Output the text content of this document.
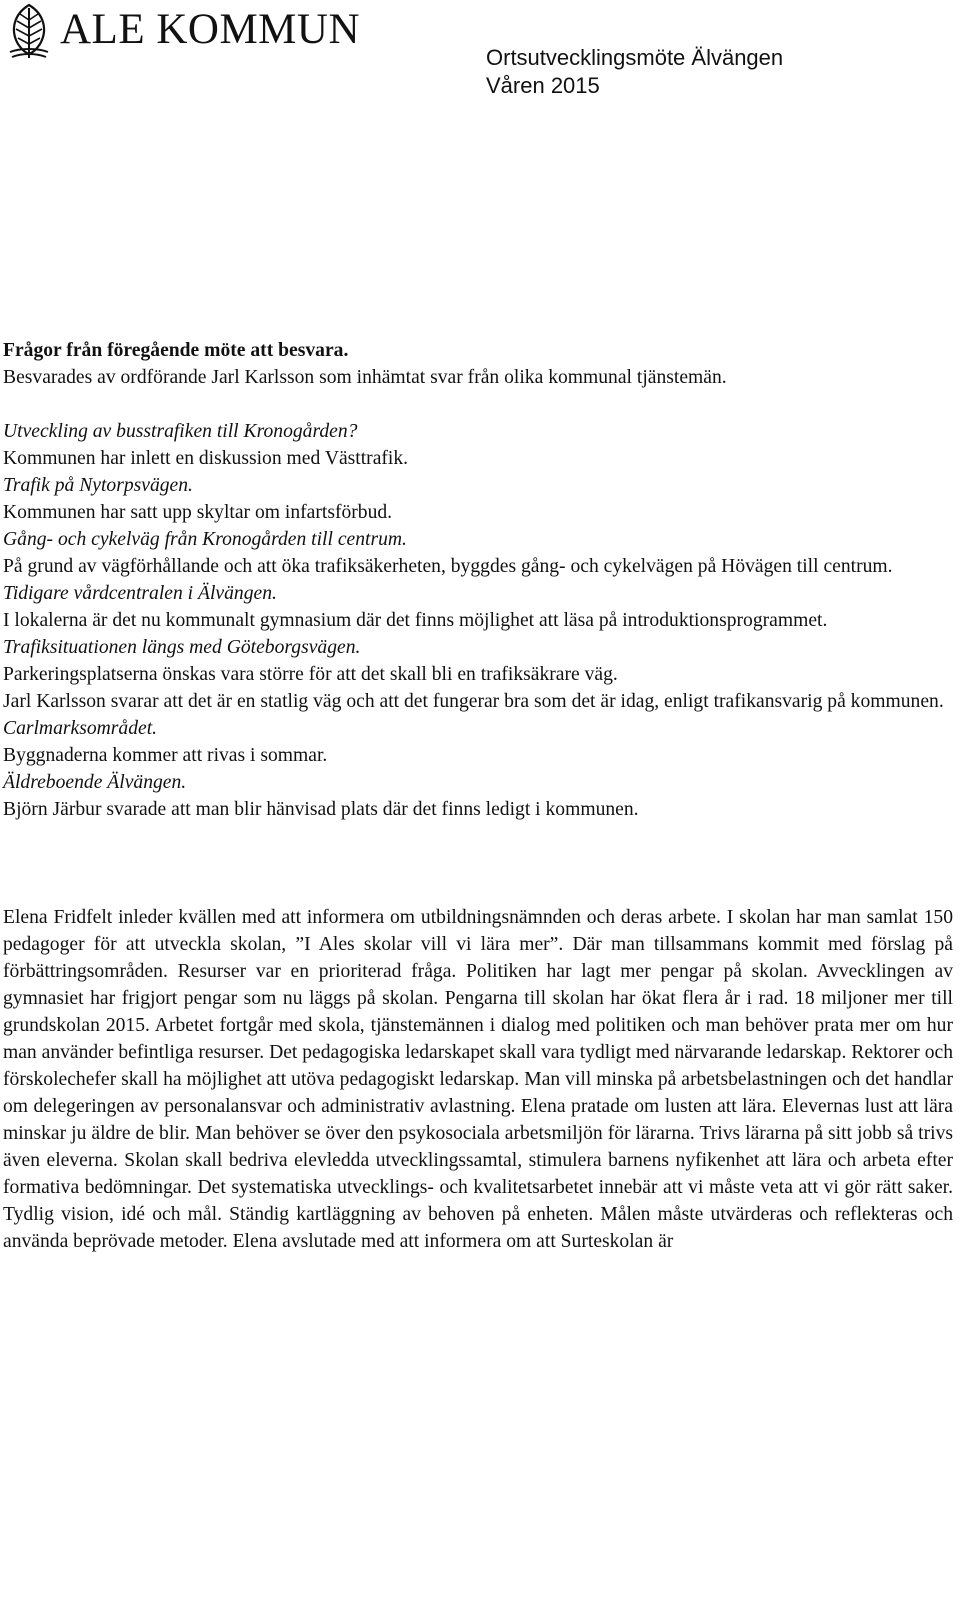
ALE KOMMUN
Ortsutvecklingsmöte Älvängen
Våren 2015

Frågor från föregående möte att besvara.

Besvarades av ordförande Jarl Karlsson som inhämtat svar från olika kommunal tjänstemän.

Utveckling av busstrafiken till Kronogården?

Kommunen har inlett en diskussion med Västtrafik.

Trafik på Nytorpsvägen.

Kommunen har satt upp skyltar om infartsförbud.

Gång- och cykelväg från Kronogården till centrum.

På grund av vägförhållande och att öka trafiksäkerheten, byggdes gång- och cykelvägen på Hövägen till centrum.

Tidigare vårdcentralen i Älvängen.

I lokalerna är det nu kommunalt gymnasium där det finns möjlighet att läsa på introduktionsprogrammet.

Trafiksituationen längs med Göteborgsvägen.

Parkeringsplatserna önskas vara större för att det skall bli en trafiksäkrare väg.

Jarl Karlsson svarar att det är en statlig väg och att det fungerar bra som det är idag, enligt trafikansvarig på kommunen.

Carlmarksområdet.

Byggnaderna kommer att rivas i sommar.

Äldreboende Älvängen.

Björn Järbur svarade att man blir hänvisad plats där det finns ledigt i kommunen.

Elena Fridfelt inleder kvällen med att informera om utbildningsnämnden och deras arbete. I skolan har man samlat 150 pedagoger för att utveckla skolan, ”I Ales skolar vill vi lära mer”. Där man tillsammans kommit med förslag på förbättringsområden. Resurser var en prioriterad fråga. Politiken har lagt mer pengar på skolan. Avvecklingen av gymnasiet har frigjort pengar som nu läggs på skolan. Pengarna till skolan har ökat flera år i rad. 18 miljoner mer till grundskolan 2015. Arbetet fortgår med skola, tjänstemännen i dialog med politiken och man behöver prata mer om hur man använder befintliga resurser. Det pedagogiska ledarskapet skall vara tydligt med närvarande ledarskap. Rektorer och förskolechefer skall ha möjlighet att utöva pedagogiskt ledarskap. Man vill minska på arbetsbelastningen och det handlar om delegeringen av personalansvar och administrativ avlastning. Elena pratade om lusten att lära. Elevernas lust att lära minskar ju äldre de blir. Man behöver se över den psykosociala arbetsmiljön för lärarna. Trivs lärarna på sitt jobb så trivs även eleverna. Skolan skall bedriva elevledda utvecklingssamtal, stimulera barnens nyfikenhet att lära och arbeta efter formativa bedömningar. Det systematiska utvecklings- och kvalitetsarbetet innebär att vi måste veta att vi gör rätt saker. Tydlig vision, idé och mål. Ständig kartläggning av behoven på enheten. Målen måste utvärderas och reflekteras och använda beprövade metoder. Elena avslutade med att informera om att Surteskolan är
